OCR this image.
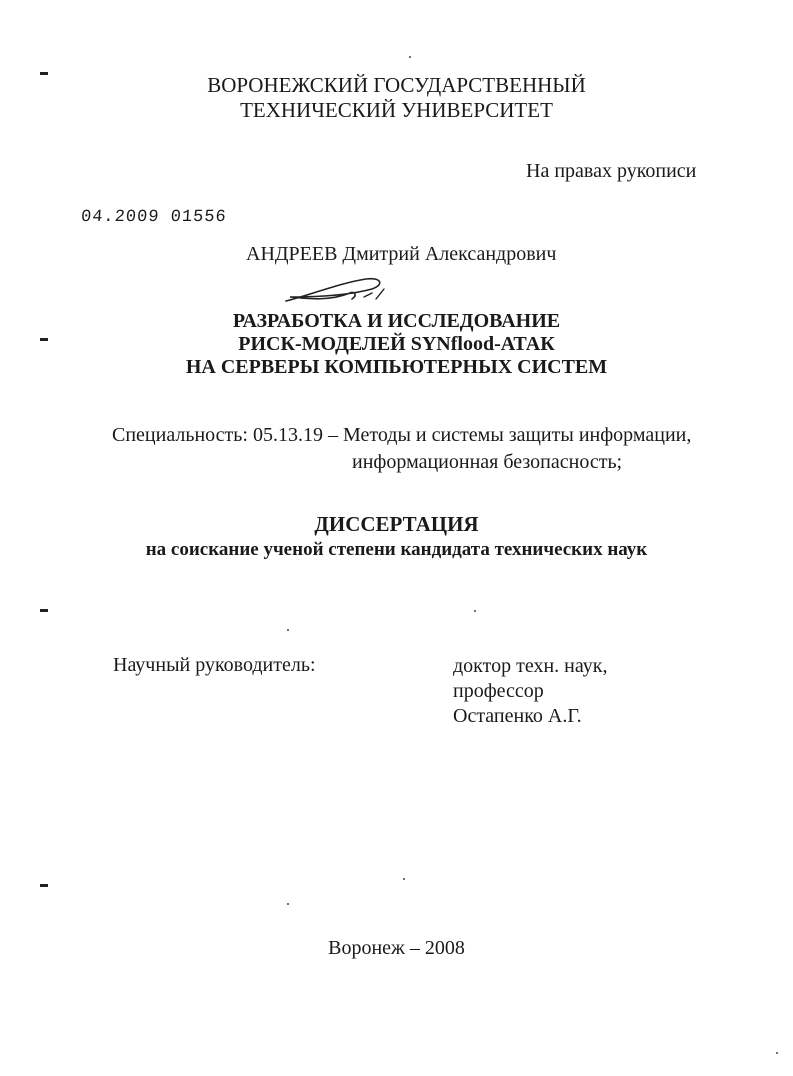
ВОРОНЕЖСКИЙ ГОСУДАРСТВЕННЫЙ
ТЕХНИЧЕСКИЙ УНИВЕРСИТЕТ
На правах рукописи
04.2009 01556
АНДРЕЕВ Дмитрий Александрович
РАЗРАБОТКА И ИССЛЕДОВАНИЕ
РИСК-МОДЕЛЕЙ SYNflood-АТАК
НА СЕРВЕРЫ КОМПЬЮТЕРНЫХ СИСТЕМ
Специальность: 05.13.19 – Методы и системы защиты информации,
информационная безопасность;
ДИССЕРТАЦИЯ
на соискание ученой степени кандидата технических наук
Научный руководитель:	доктор техн. наук,
профессор
Остапенко А.Г.
Воронеж – 2008
